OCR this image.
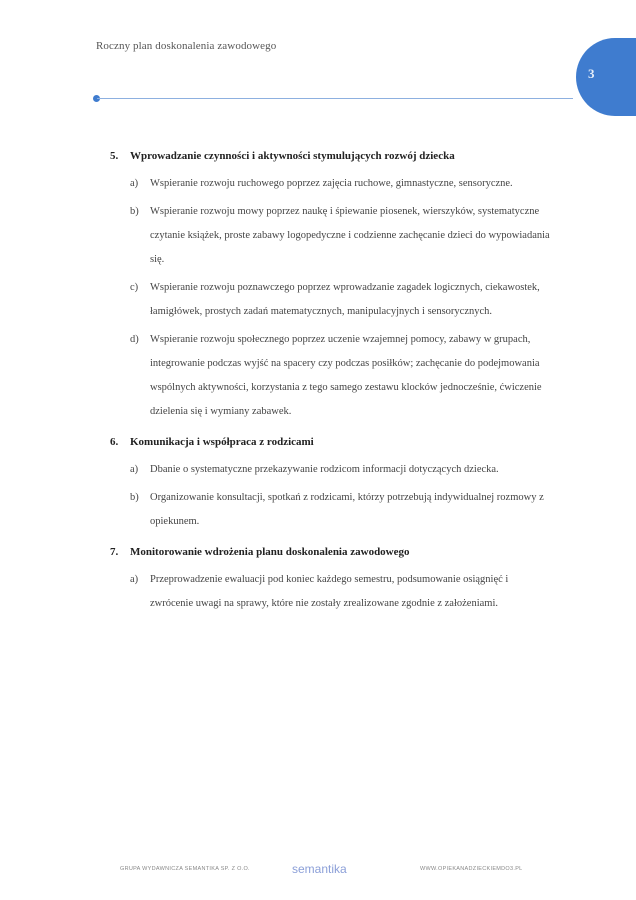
Roczny plan doskonalenia zawodowego
3
5. Wprowadzanie czynności i aktywności stymulujących rozwój dziecka
a)	Wspieranie rozwoju ruchowego poprzez zajęcia ruchowe, gimnastyczne, sensoryczne.
b)	Wspieranie rozwoju mowy poprzez naukę i śpiewanie piosenek, wierszyków, systematyczne czytanie książek, proste zabawy logopedyczne i codzienne zachęcanie dzieci do wypowiadania się.
c)	Wspieranie rozwoju poznawczego poprzez wprowadzanie zagadek logicznych, ciekawostek, łamigłówek, prostych zadań matematycznych, manipulacyjnych i sensorycznych.
d)	Wspieranie rozwoju społecznego poprzez uczenie wzajemnej pomocy, zabawy w grupach, integrowanie podczas wyjść na spacery czy podczas posiłków; zachęcanie do podejmowania wspólnych aktywności, korzystania z tego samego zestawu klocków jednocześnie, ćwiczenie dzielenia się i wymiany zabawek.
6. Komunikacja i współpraca z rodzicami
a)	Dbanie o systematyczne przekazywanie rodzicom informacji dotyczących dziecka.
b)	Organizowanie konsultacji, spotkań z rodzicami, którzy potrzebują indywidualnej rozmowy z opiekunem.
7. Monitorowanie wdrożenia planu doskonalenia zawodowego
a)	Przeprowadzenie ewaluacji pod koniec każdego semestru, podsumowanie osiągnięć i zwrócenie uwagi na sprawy, które nie zostały zrealizowane zgodnie z założeniami.
GRUPA WYDAWNICZA SEMANTIKA SP. Z O.O.	semantika	WWW.OPIEKANADZIECKIEMDO3.PL
